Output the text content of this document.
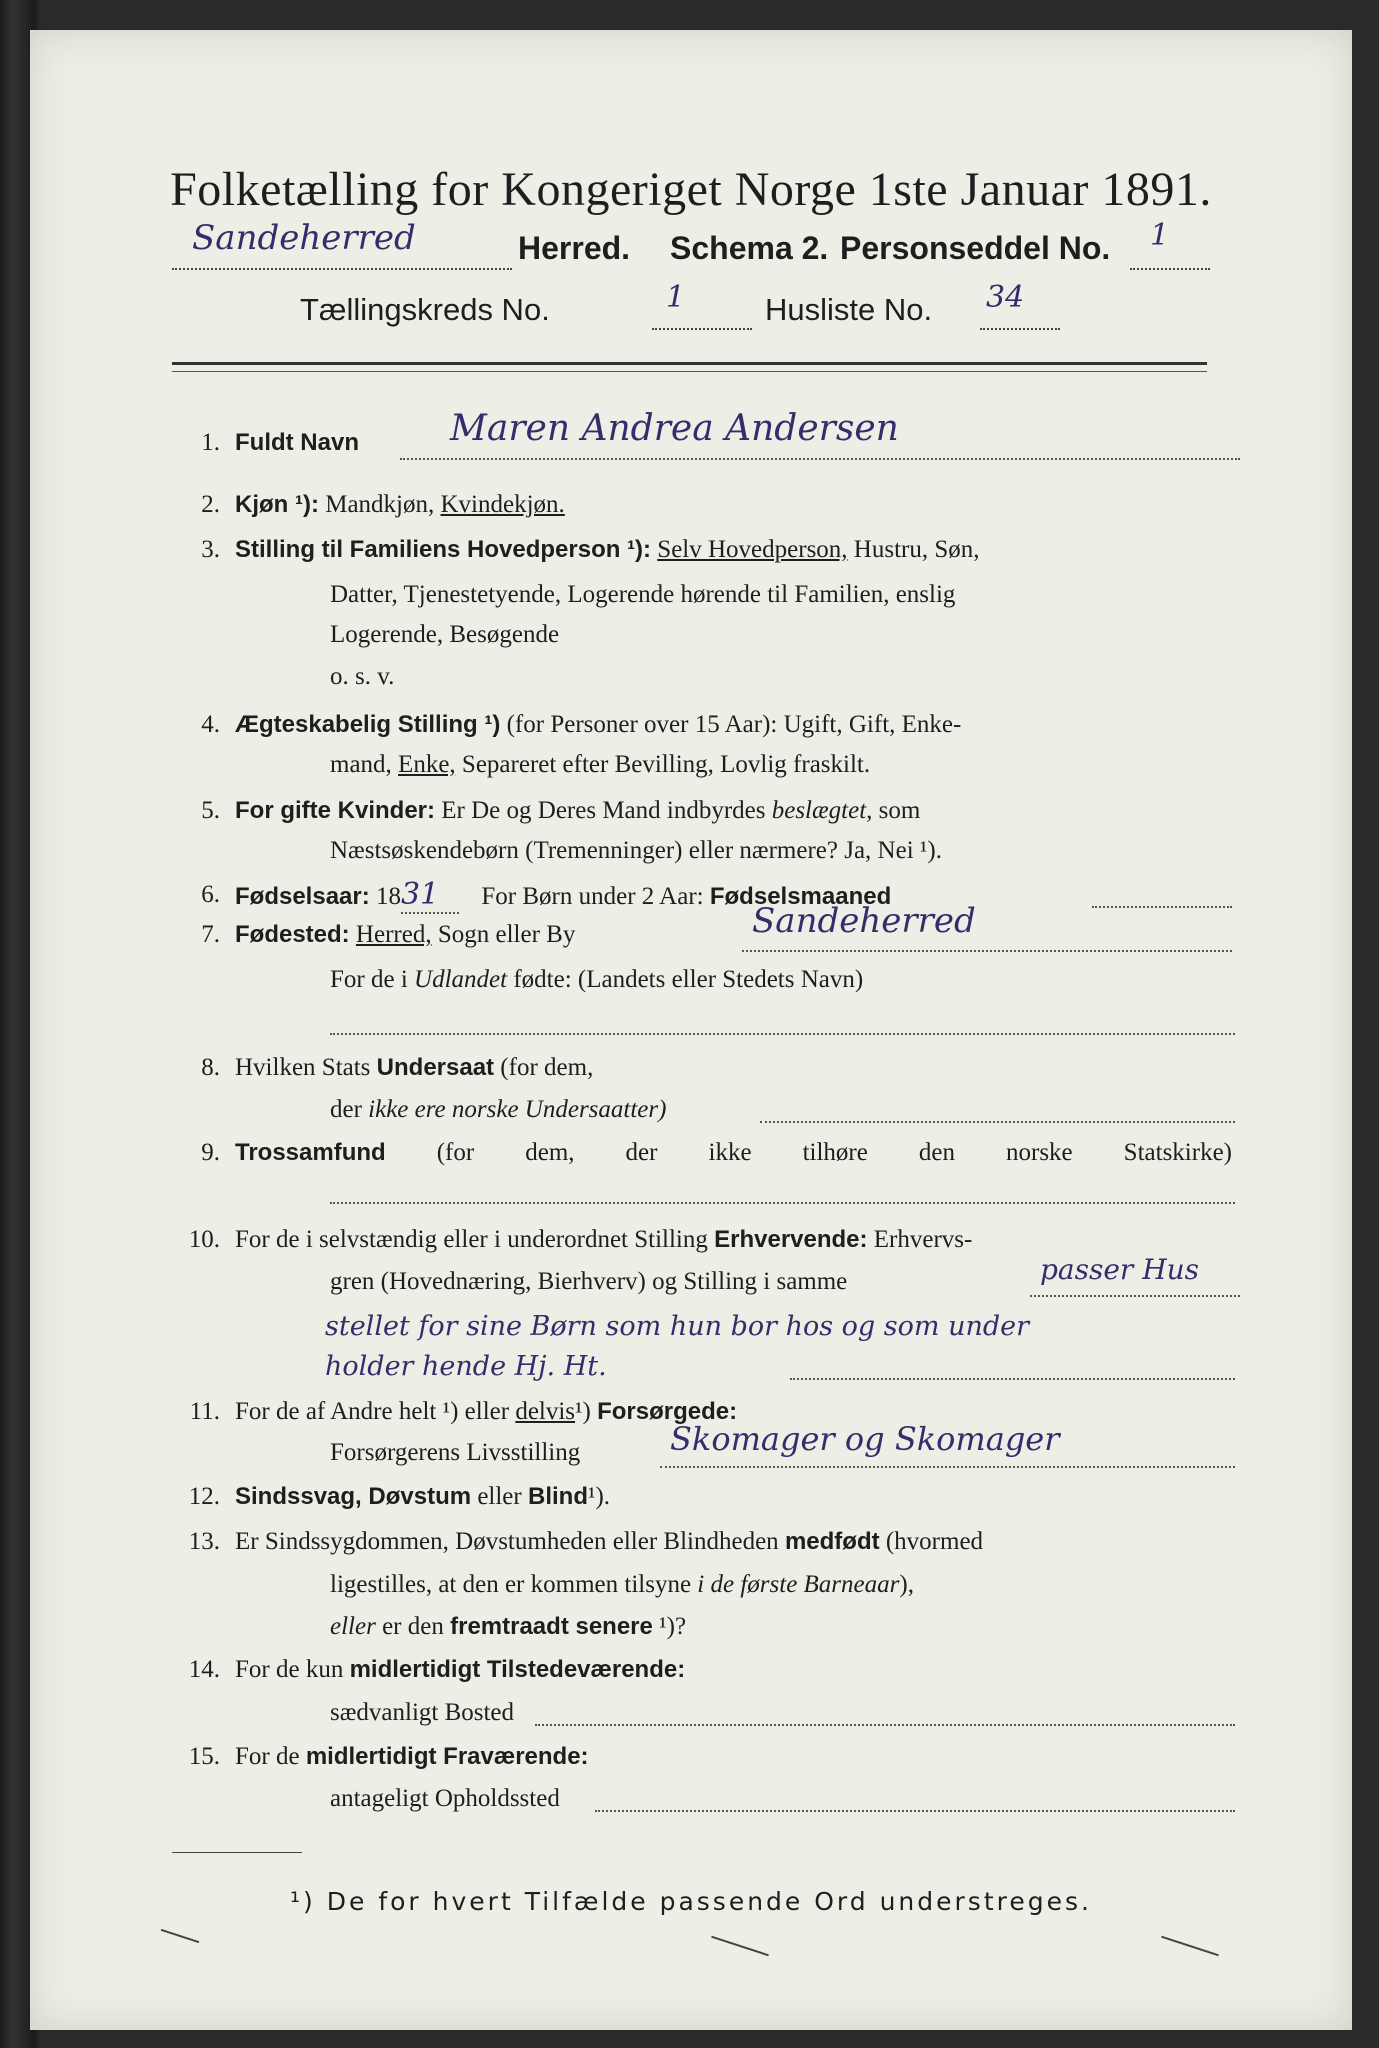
Folketælling for Kongeriget Norge 1ste Januar 1891.
Sandeherred	Herred. Schema 2. Personseddel No. 1
Tællingskreds No.	1	Husliste No. 34
1. Fuldt Navn	Maren Andrea Andersen
2. Kjøn ¹): Mandkjøn, Kvindekjøn.
3. Stilling til Familiens Hovedperson ¹): Selv Hovedperson, Hustru, Søn,
Datter, Tjenestetyende, Logerende hørende til Familien, enslig
Logerende, Besøgende
o. s. v.
4. Ægteskabelig Stilling ¹) (for Personer over 15 Aar): Ugift, Gift, Enke-
mand, Enke, Separeret efter Bevilling, Lovlig fraskilt.
5. For gifte Kvinder: Er De og Deres Mand indbyrdes beslægtet, som
Næstsøskendebørn (Tremenninger) eller nærmere? Ja, Nei ¹).
6. Fødselsaar: 1831 For Børn under 2 Aar: Fødselsmaaned
7. Fødested: Herred, Sogn eller By	Sandeherred
For de i Udlandet fødte: (Landets eller Stedets Navn)
8. Hvilken Stats Undersaat (for dem,
der ikke ere norske Undersaatter)
9. Trossamfund (for dem, der ikke tilhøre den norske Statskirke)
10. For de i selvstændig eller i underordnet Stilling Erhvervende: Erhvervs-
gren (Hovednæring, Bierhverv) og Stilling i samme	passer Hus
stellet for sine Børn som hun bor hos og som under
holder hende Hj. Ht.
11. For de af Andre helt ¹) eller delvis¹) Forsørgede:
Forsørgerens Livsstilling	Skomager og Skomager
12. Sindssvag, Døvstum eller Blind¹).
13. Er Sindssygdommen, Døvstumheden eller Blindheden medfødt (hvormed
ligestilles, at den er kommen tilsyne i de første Barneaar),
eller er den fremtraadt senere ¹)?
14. For de kun midlertidigt Tilstedeværende:
sædvanligt Bosted
15. For de midlertidigt Fraværende:
antageligt Opholdssted
¹) De for hvert Tilfælde passende Ord understreges.
